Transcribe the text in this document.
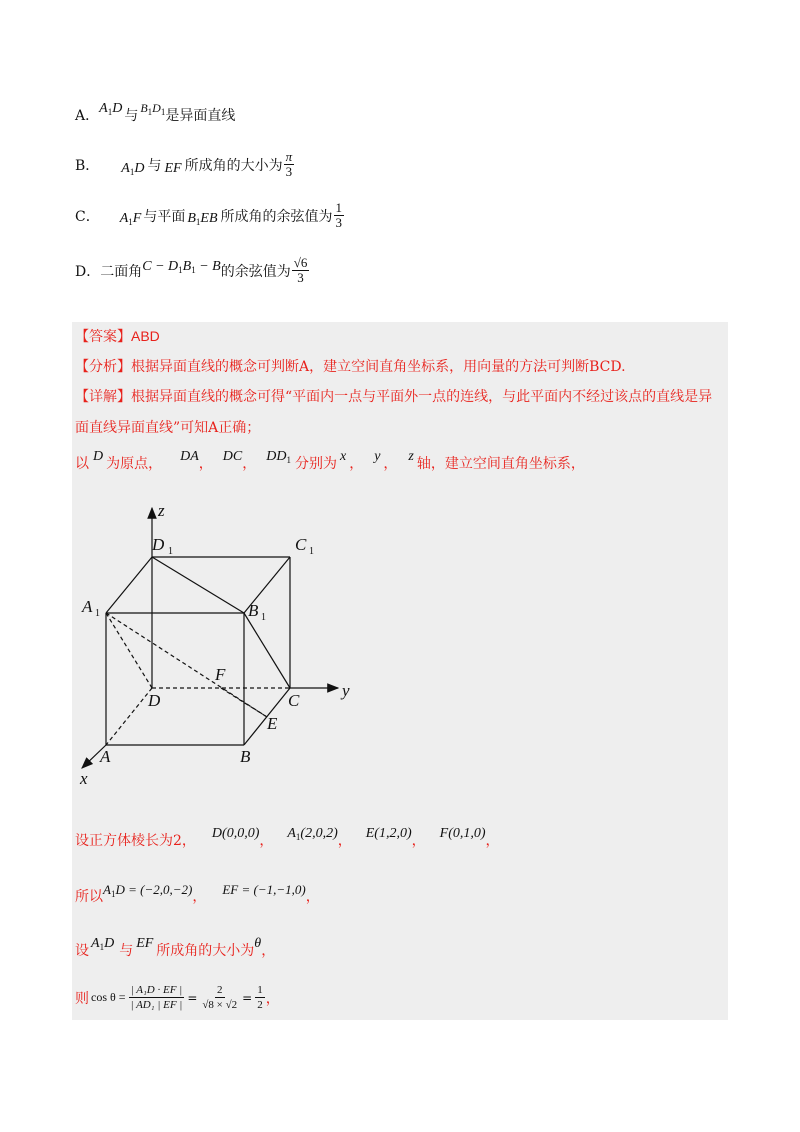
A． $A_1D$ 与 $B_1D_1$ 是异面直线
B． $A_1D$ 与 EF 所成角的大小为 $\frac{\pi}{3}$
C． $A_1F$ 与平面 $B_1EB$ 所成角的余弦值为 $\frac{1}{3}$
D． 二面角 $C - D_1B_1 - B$ 的余弦值为 $\frac{√6}{3}$
【答案】 ABD
【分析】 根据异面直线的概念可判断A，建立空间直角坐标系，用向量的方法可判断BCD.
【详解】 根据异面直线的概念可得“平面内一点与平面外一点的连线，与此平面内不经过该点的直线是异
面直线异面直线”可知A正确；
以 D 为原点， DA ， DC ， $DD_1$ 分别为 x ， y ， z 轴，建立空间直角坐标系，
z
y
x
D 1	C 1
A 1	B 1
F
D	C
E
A	B
设正方体棱长为2， D(0,0,0) ， $A_1(2,0,2)$ ， E(1,2,0) ， F(0,1,0) ，
所以 $A_1D = (-2,0,-2)$ ， EF = (−1,−1,0) ，
设 $A_1D$ 与 EF 所成角的大小为 θ ，
则 $\cos \theta = \frac{\text{| A₁D · EF |}}{\text{| AD₁ | EF |}} = \frac{2}{√8 \times √2} = \frac{1}{2}$ ，
